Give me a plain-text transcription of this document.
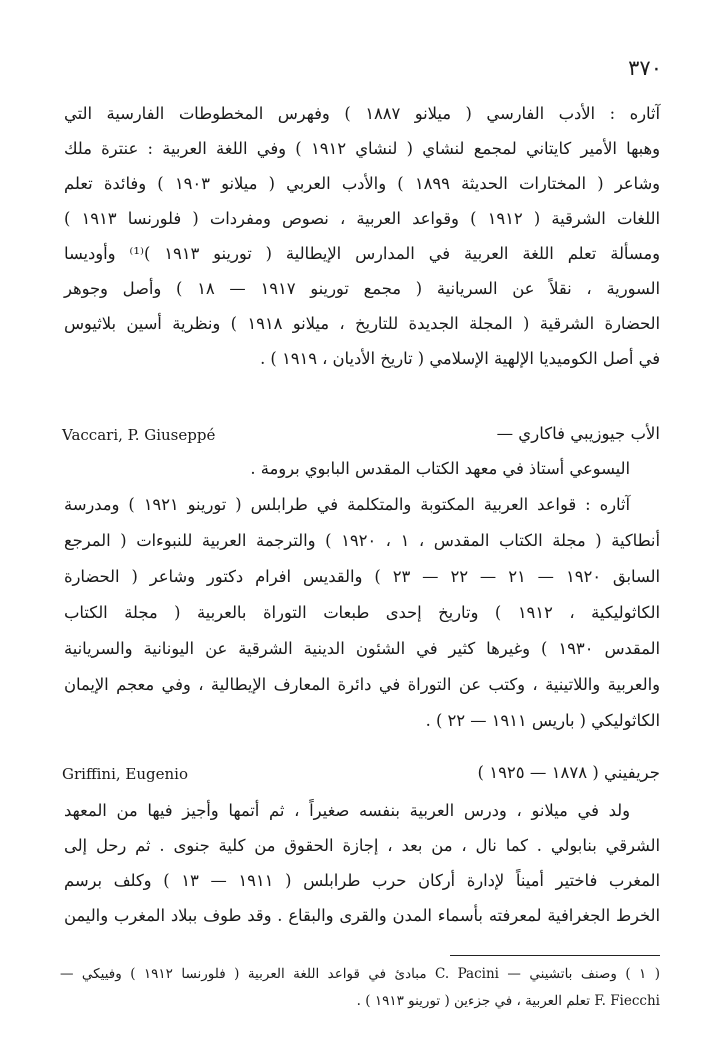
٣٧٠
آثاره : الأدب الفارسي ( ميلانو ١٨٨٧ ) وفهرس المخطوطات الفارسية التي
وهبها الأمير كايتاني لمجمع لنشاي ( لنشاي ١٩١٢ ) وفي اللغة العربية : عنترة ملك
وشاعر ( المختارات الحديثة ١٨٩٩ ) والأدب العربي ( ميلانو ١٩٠٣ ) وفائدة تعلم
اللغات الشرقية ( ١٩١٢ ) وقواعد العربية ، نصوص ومفردات ( فلورنسا ١٩١٣ )
ومسألة تعلم اللغة العربية في المدارس الإيطالية ( تورينو ١٩١٣ )⁽¹⁾ وأوديسا
السورية ، نقلاً عن السريانية ( مجمع تورينو ١٩١٧ — ١٨ ) وأصل وجوهر
الحضارة الشرقية ( المجلة الجديدة للتاريخ ، ميلانو ١٩١٨ ) ونظرية أسين بلاثيوس
في أصل الكوميديا الإلهية الإسلامي ( تاريخ الأديان ، ١٩١٩ ) .
الأب جيوزيبي فاكاري —
Vaccari, P. Giuseppé
اليسوعي أستاذ في معهد الكتاب المقدس البابوي برومة .
آثاره : قواعد العربية المكتوبة والمتكلمة في طرابلس ( تورينو ١٩٢١ ) ومدرسة
أنطاكية ( مجلة الكتاب المقدس ، ١ ، ١٩٢٠ ) والترجمة العربية للنبوءات ( المرجع
السابق ١٩٢٠ — ٢١ — ٢٢ — ٢٣ ) والقديس افرام دكتور وشاعر ( الحضارة
الكاثوليكية ، ١٩١٢ ) وتاريخ إحدى طبعات التوراة بالعربية ( مجلة الكتاب
المقدس ١٩٣٠ ) وغيرها كثير في الشئون الدينية الشرقية عن اليونانية والسريانية
والعربية واللاتينية ، وكتب عن التوراة في دائرة المعارف الإيطالية ، وفي معجم الإيمان
الكاثوليكي ( باريس ١٩١١ — ٢٢ ) .
جريفيني ( ١٨٧٨ — ١٩٢٥ )
Griffini, Eugenio
ولد في ميلانو ، ودرس العربية بنفسه صغيراً ، ثم أتمها وأجيز فيها من المعهد
الشرقي بنابولي . كما نال ، من بعد ، إجازة الحقوق من كلية جنوى . ثم رحل إلى
المغرب فاختير أميناً لإدارة أركان حرب طرابلس ( ١٩١١ — ١٣ ) وكلف برسم
الخرط الجغرافية لمعرفته بأسماء المدن والقرى والبقاع . وقد طوف ببلاد المغرب واليمن
( ١ ) وصنف باتشيني — C. Pacini مبادئ في قواعد اللغة العربية ( فلورنسا ١٩١٢ ) وفييكي —
F. Fiecchi تعلم العربية ، في جزءين ( تورينو ١٩١٣ ) .
